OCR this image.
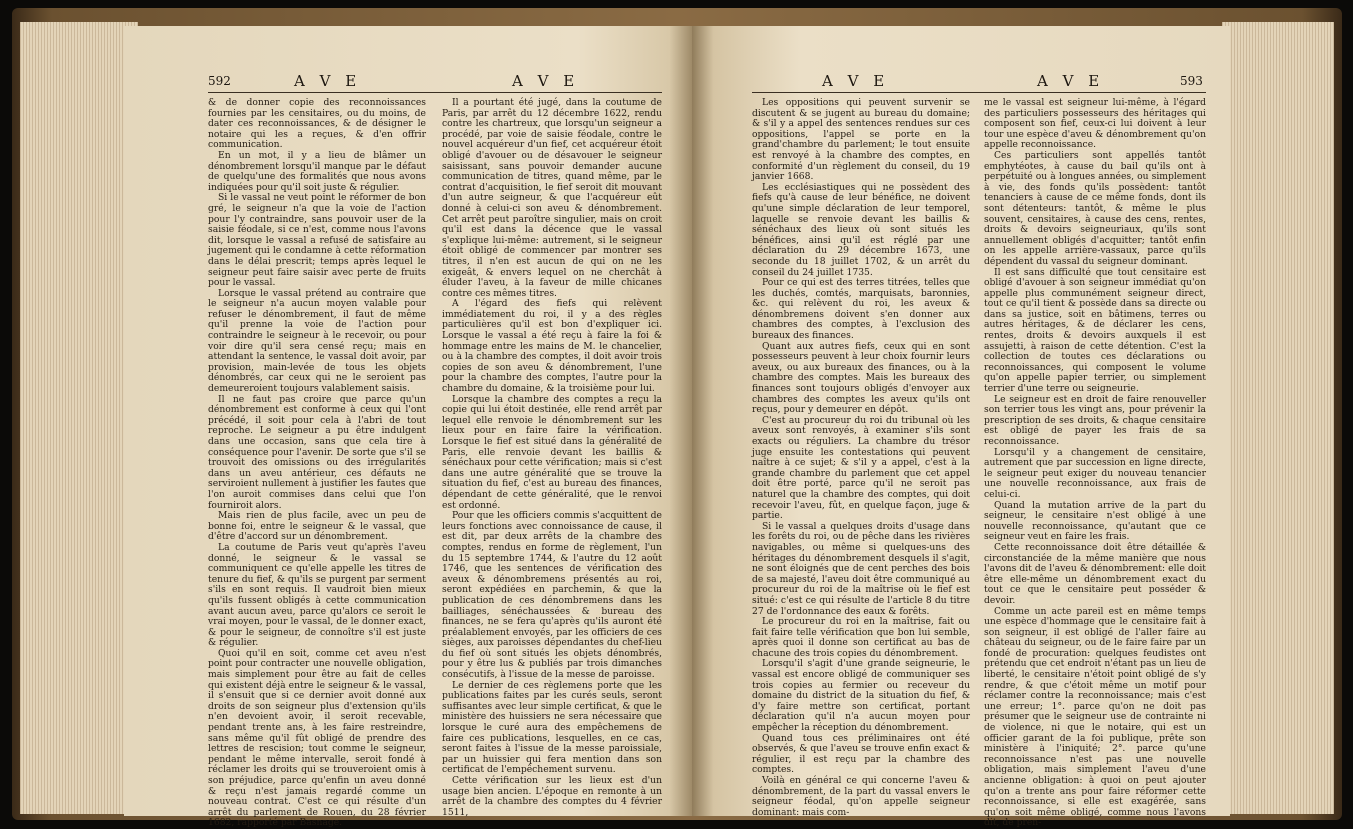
592	A V E	A V E

& de donner copie des reconnoissances fournies par les censitaires, ou du moins, de dater ces reconnoissances, & de désigner le notaire qui les a reçues, & d'en offrir communication.

En un mot, il y a lieu de blâmer un dénombrement lorsqu'il manque par le défaut de quelqu'une des formalités que nous avons indiquées pour qu'il soit juste & régulier.

Si le vassal ne veut point le réformer de bon gré, le seigneur n'a que la voie de l'action pour l'y contraindre, sans pouvoir user de la saisie féodale, si ce n'est, comme nous l'avons dit, lorsque le vassal a refusé de satisfaire au jugement qui le condamne à cette réformation dans le délai prescrit; temps après lequel le seigneur peut faire saisir avec perte de fruits pour le vassal.

Lorsque le vassal prétend au contraire que le seigneur n'a aucun moyen valable pour refuser le dénombrement, il faut de même qu'il prenne la voie de l'action pour contraindre le seigneur à le recevoir, ou pour voir dire qu'il sera censé reçu; mais en attendant la sentence, le vassal doit avoir, par provision, main-levée de tous les objets dénombrés, car ceux qui ne le seroient pas demeureroient toujours valablement saisis.

Il ne faut pas croire que parce qu'un dénombrement est conforme à ceux qui l'ont précédé, il soit pour cela à l'abri de tout reproche. Le seigneur a pu être indulgent dans une occasion, sans que cela tire à conséquence pour l'avenir. De sorte que s'il se trouvoit des omissions ou des irrégularités dans un aveu antérieur, ces défauts ne serviroient nullement à justifier les fautes que l'on auroit commises dans celui que l'on fourniroit alors.

Mais rien de plus facile, avec un peu de bonne foi, entre le seigneur & le vassal, que d'être d'accord sur un dénombrement.

La coutume de Paris veut qu'après l'aveu donné, le seigneur & le vassal se communiquent ce qu'elle appelle les titres de tenure du fief, & qu'ils se purgent par serment s'ils en sont requis. Il vaudroit bien mieux qu'ils fussent obligés à cette communication avant aucun aveu, parce qu'alors ce seroit le vrai moyen, pour le vassal, de le donner exact, & pour le seigneur, de connoître s'il est juste & régulier.

Quoi qu'il en soit, comme cet aveu n'est point pour contracter une nouvelle obligation, mais simplement pour être au fait de celles qui existent déjà entre le seigneur & le vassal, il s'ensuit que si ce dernier avoit donné aux droits de son seigneur plus d'extension qu'ils n'en devoient avoir, il seroit recevable, pendant trente ans, à les faire restreindre, sans même qu'il fût obligé de prendre des lettres de rescision; tout comme le seigneur, pendant le même intervalle, seroit fondé à réclamer les droits qui se trouveroient omis à son préjudice, parce qu'enfin un aveu donné & reçu n'est jamais regardé comme un nouveau contrat. C'est ce qui résulte d'un arrêt du parlement de Rouen, du 28 février 1682, rapporté par Basnage.

Il a pourtant été jugé, dans la coutume de Paris, par arrêt du 12 décembre 1622, rendu contre les chartreux, que lorsqu'un seigneur a procédé, par voie de saisie féodale, contre le nouvel acquéreur d'un fief, cet acquéreur étoit obligé d'avouer ou de désavouer le seigneur saisissant, sans pouvoir demander aucune communication de titres, quand même, par le contrat d'acquisition, le fief seroit dit mouvant d'un autre seigneur, & que l'acquéreur eût donné à celui-ci son aveu & dénombrement. Cet arrêt peut paroître singulier, mais on croit qu'il est dans la décence que le vassal s'explique lui-même: autrement, si le seigneur étoit obligé de commencer par montrer ses titres, il n'en est aucun de qui on ne les exigeât, & envers lequel on ne cherchât à éluder l'aveu, à la faveur de mille chicanes contre ces mêmes titres.

A l'égard des fiefs qui relèvent immédiatement du roi, il y a des règles particulières qu'il est bon d'expliquer ici. Lorsque le vassal a été reçu à faire la foi & hommage entre les mains de M. le chancelier, ou à la chambre des comptes, il doit avoir trois copies de son aveu & dénombrement, l'une pour la chambre des comptes, l'autre pour la chambre du domaine, & la troisième pour lui.

Lorsque la chambre des comptes a reçu la copie qui lui étoit destinée, elle rend arrêt par lequel elle renvoie le dénombrement sur les lieux pour en faire faire la vérification. Lorsque le fief est situé dans la généralité de Paris, elle renvoie devant les baillis & sénéchaux pour cette vérification; mais si c'est dans une autre généralité que se trouve la situation du fief, c'est au bureau des finances, dépendant de cette généralité, que le renvoi est ordonné.

Pour que les officiers commis s'acquittent de leurs fonctions avec connoissance de cause, il est dit, par deux arrêts de la chambre des comptes, rendus en forme de règlement, l'un du 15 septembre 1744, & l'autre du 12 août 1746, que les sentences de vérification des aveux & dénombremens présentés au roi, seront expédiées en parchemin, & que la publication de ces dénombremens dans les bailliages, sénéchaussées & bureau des finances, ne se fera qu'après qu'ils auront été préalablement envoyés, par les officiers de ces sièges, aux paroisses dépendantes du chef-lieu du fief où sont situés les objets dénombrés, pour y être lus & publiés par trois dimanches consécutifs, à l'issue de la messe de paroisse.

Le dernier de ces règlemens porte que les publications faites par les curés seuls, seront suffisantes avec leur simple certificat, & que le ministère des huissiers ne sera nécessaire que lorsque le curé aura des empêchemens de faire ces publications, lesquelles, en ce cas, seront faites à l'issue de la messe paroissiale, par un huissier qui fera mention dans son certificat de l'empêchement survenu.

Cette vérification sur les lieux est d'un usage bien ancien. L'époque en remonte à un arrêt de la chambre des comptes du 4 février 1511,

A V E	A V E	593

Les oppositions qui peuvent survenir se discutent & se jugent au bureau du domaine; & s'il y a appel des sentences rendues sur ces oppositions, l'appel se porte en la grand'chambre du parlement; le tout ensuite est renvoyé à la chambre des comptes, en conformité d'un règlement du conseil, du 19 janvier 1668.

Les ecclésiastiques qui ne possèdent des fiefs qu'à cause de leur bénéfice, ne doivent qu'une simple déclaration de leur temporel, laquelle se renvoie devant les baillis & sénéchaux des lieux où sont situés les bénéfices, ainsi qu'il est réglé par une déclaration du 29 décembre 1673, une seconde du 18 juillet 1702, & un arrêt du conseil du 24 juillet 1735.

Pour ce qui est des terres titrées, telles que les duchés, comtés, marquisats, baronnies, &c. qui relèvent du roi, les aveux & dénombremens doivent s'en donner aux chambres des comptes, à l'exclusion des bureaux des finances.

Quant aux autres fiefs, ceux qui en sont possesseurs peuvent à leur choix fournir leurs aveux, ou aux bureaux des finances, ou à la chambre des comptes. Mais les bureaux des finances sont toujours obligés d'envoyer aux chambres des comptes les aveux qu'ils ont reçus, pour y demeurer en dépôt.

C'est au procureur du roi du tribunal où les aveux sont renvoyés, à examiner s'ils sont exacts ou réguliers. La chambre du trésor juge ensuite les contestations qui peuvent naître à ce sujet; & s'il y a appel, c'est à la grande chambre du parlement que cet appel doit être porté, parce qu'il ne seroit pas naturel que la chambre des comptes, qui doit recevoir l'aveu, fût, en quelque façon, juge & partie.

Si le vassal a quelques droits d'usage dans les forêts du roi, ou de pêche dans les rivières navigables, ou même si quelques-uns des héritages du dénombrement desquels il s'agit, ne sont éloignés que de cent perches des bois de sa majesté, l'aveu doit être communiqué au procureur du roi de la maîtrise où le fief est situé: c'est ce qui résulte de l'article 8 du titre 27 de l'ordonnance des eaux & forêts.

Le procureur du roi en la maîtrise, fait ou fait faire telle vérification que bon lui semble, après quoi il donne son certificat au bas de chacune des trois copies du dénombrement.

Lorsqu'il s'agit d'une grande seigneurie, le vassal est encore obligé de communiquer ses trois copies au fermier ou receveur du domaine du district de la situation du fief, & d'y faire mettre son certificat, portant déclaration qu'il n'a aucun moyen pour empêcher la réception du dénombrement.

Quand tous ces préliminaires ont été observés, & que l'aveu se trouve enfin exact & régulier, il est reçu par la chambre des comptes.

Voilà en général ce qui concerne l'aveu & dénombrement, de la part du vassal envers le seigneur féodal, qu'on appelle seigneur dominant: mais com-

me le vassal est seigneur lui-même, à l'égard des particuliers possesseurs des héritages qui composent son fief, ceux-ci lui doivent à leur tour une espèce d'aveu & dénombrement qu'on appelle reconnoissance.

Ces particuliers sont appellés tantôt emphytéotes, à cause du bail qu'ils ont à perpétuité ou à longues années, ou simplement à vie, des fonds qu'ils possèdent: tantôt tenanciers à cause de ce même fonds, dont ils sont détenteurs: tantôt, & même le plus souvent, censitaires, à cause des cens, rentes, droits & devoirs seigneuriaux, qu'ils sont annuellement obligés d'acquitter; tantôt enfin on les appelle arrière-vassaux, parce qu'ils dépendent du vassal du seigneur dominant.

Il est sans difficulté que tout censitaire est obligé d'avouer à son seigneur immédiat qu'on appelle plus communément seigneur direct, tout ce qu'il tient & possède dans sa directe ou dans sa justice, soit en bâtimens, terres ou autres héritages, & de déclarer les cens, rentes, droits & devoirs auxquels il est assujetti, à raison de cette détention. C'est la collection de toutes ces déclarations ou reconnoissances, qui composent le volume qu'on appelle papier terrier, ou simplement terrier d'une terre ou seigneurie.

Le seigneur est en droit de faire renouveller son terrier tous les vingt ans, pour prévenir la prescription de ses droits, & chaque censitaire est obligé de payer les frais de sa reconnoissance.

Lorsqu'il y a changement de censitaire, autrement que par succession en ligne directe, le seigneur peut exiger du nouveau tenancier une nouvelle reconnoissance, aux frais de celui-ci.

Quand la mutation arrive de la part du seigneur, le censitaire n'est obligé à une nouvelle reconnoissance, qu'autant que ce seigneur veut en faire les frais.

Cette reconnoissance doit être détaillée & circonstanciée de la même manière que nous l'avons dit de l'aveu & dénombrement: elle doit être elle-même un dénombrement exact du tout ce que le censitaire peut posséder & devoir.

Comme un acte pareil est en même temps une espèce d'hommage que le censitaire fait à son seigneur, il est obligé de l'aller faire au château du seigneur, ou de le faire faire par un fondé de procuration: quelques feudistes ont prétendu que cet endroit n'étant pas un lieu de liberté, le censitaire n'étoit point obligé de s'y rendre, & que c'étoit même un motif pour réclamer contre la reconnoissance; mais c'est une erreur; 1°. parce qu'on ne doit pas présumer que le seigneur use de contrainte ni de violence, ni que le notaire, qui est un officier garant de la foi publique, prête son ministère à l'iniquité; 2°. parce qu'une reconnoissance n'est pas une nouvelle obligation, mais simplement l'aveu d'une ancienne obligation: à quoi on peut ajouter qu'on a trente ans pour faire réformer cette reconnoissance, si elle est exagérée, sans qu'on soit même obligé, comme nous l'avons dit, de pren-
